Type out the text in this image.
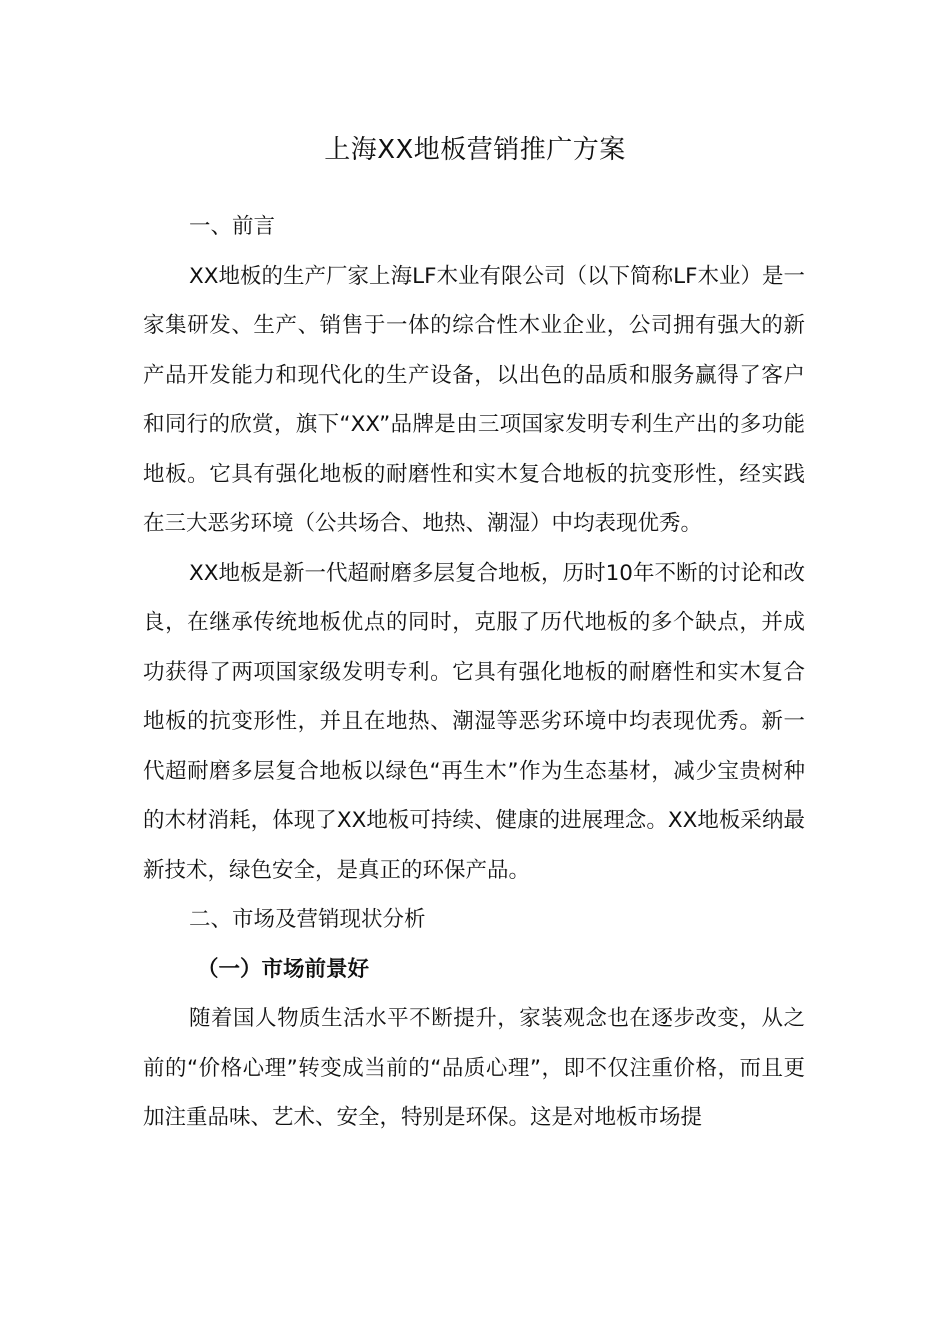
上海XX地板营销推广方案

一、前言

XX地板的生产厂家上海LF木业有限公司（以下简称LF木业）是一家集研发、生产、销售于一体的综合性木业企业，公司拥有强大的新产品开发能力和现代化的生产设备，以出色的品质和服务赢得了客户和同行的欣赏，旗下“XX”品牌是由三项国家发明专利生产出的多功能地板。它具有强化地板的耐磨性和实木复合地板的抗变形性，经实践在三大恶劣环境（公共场合、地热、潮湿）中均表现优秀。

XX地板是新一代超耐磨多层复合地板，历时10年不断的讨论和改良，在继承传统地板优点的同时，克服了历代地板的多个缺点，并成功获得了两项国家级发明专利。它具有强化地板的耐磨性和实木复合地板的抗变形性，并且在地热、潮湿等恶劣环境中均表现优秀。新一代超耐磨多层复合地板以绿色“再生木”作为生态基材，减少宝贵树种的木材消耗，体现了XX地板可持续、健康的进展理念。XX地板采纳最新技术，绿色安全，是真正的环保产品。

二、市场及营销现状分析

（一）市场前景好

随着国人物质生活水平不断提升，家装观念也在逐步改变，从之前的“价格心理”转变成当前的“品质心理”，即不仅注重价格，而且更加注重品味、艺术、安全，特别是环保。这是对地板市场提
